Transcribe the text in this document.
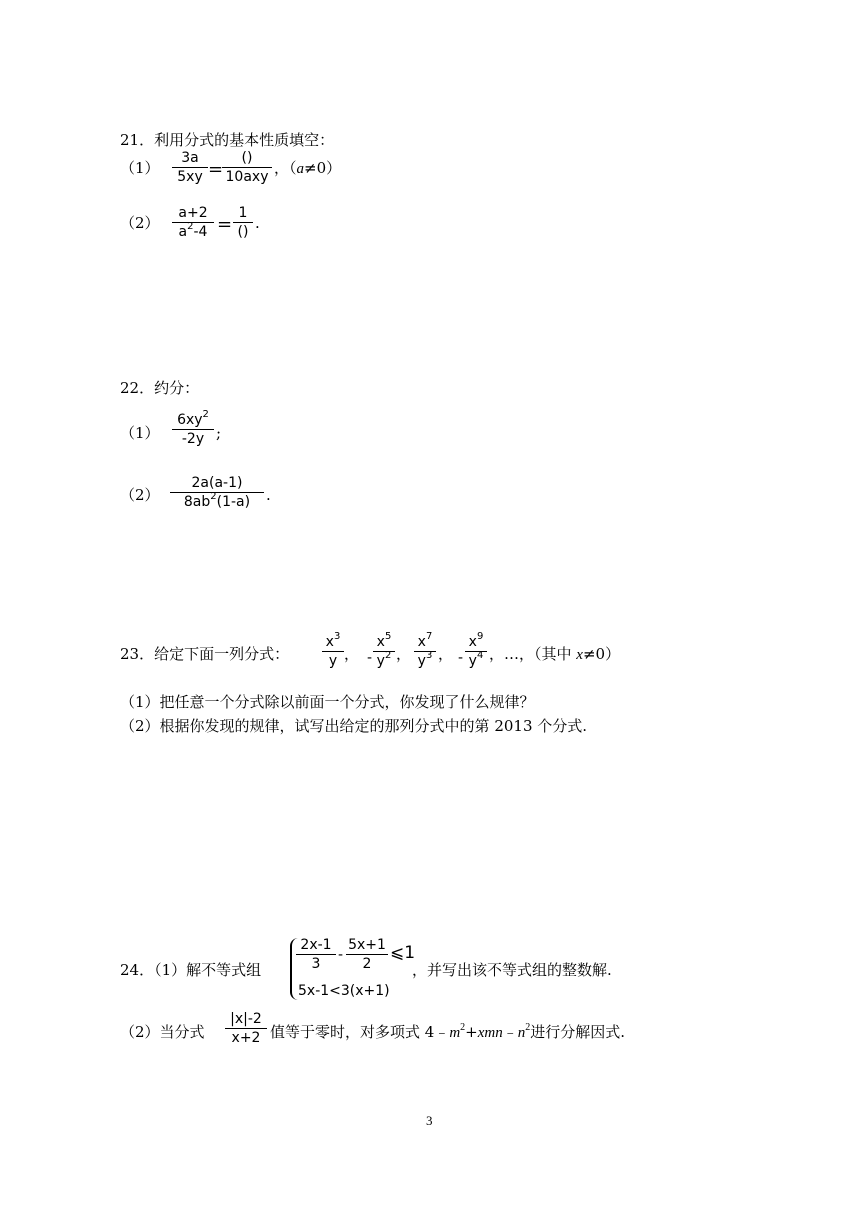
21．利用分式的基本性质填空：
（1）
3a
5xy =
()
10axy ，（a≠0）
（2）
a+2
$a^2-4$ =
1
() .
22．约分：
（1）
$6xy^2$
-2y ;
（2）
2a(a-1)
$8ab^2(1-a)$	.
23．给定下面一列分式：
$x^3$
y ， -
$x^5$
$y^2$ ，
$x^7$
$y^3$ ， -
$x^9$
$y^4$ ，…，（其中 x≠0）
（1）把任意一个分式除以前面一个分式，你发现了什么规律？
（2）根据你发现的规律，试写出给定的那列分式中的第 2013 个分式.
24．（1）解不等式组
2x-1
3
-
5x+1
2
⩽1
5x-1<3(x+1)
，并写出该不等式组的整数解.
（2）当分式
|x|-2
x+2 值等于零时，对多项式 $4﹣m^2+xmn﹣n^2$进行分解因式.
3
